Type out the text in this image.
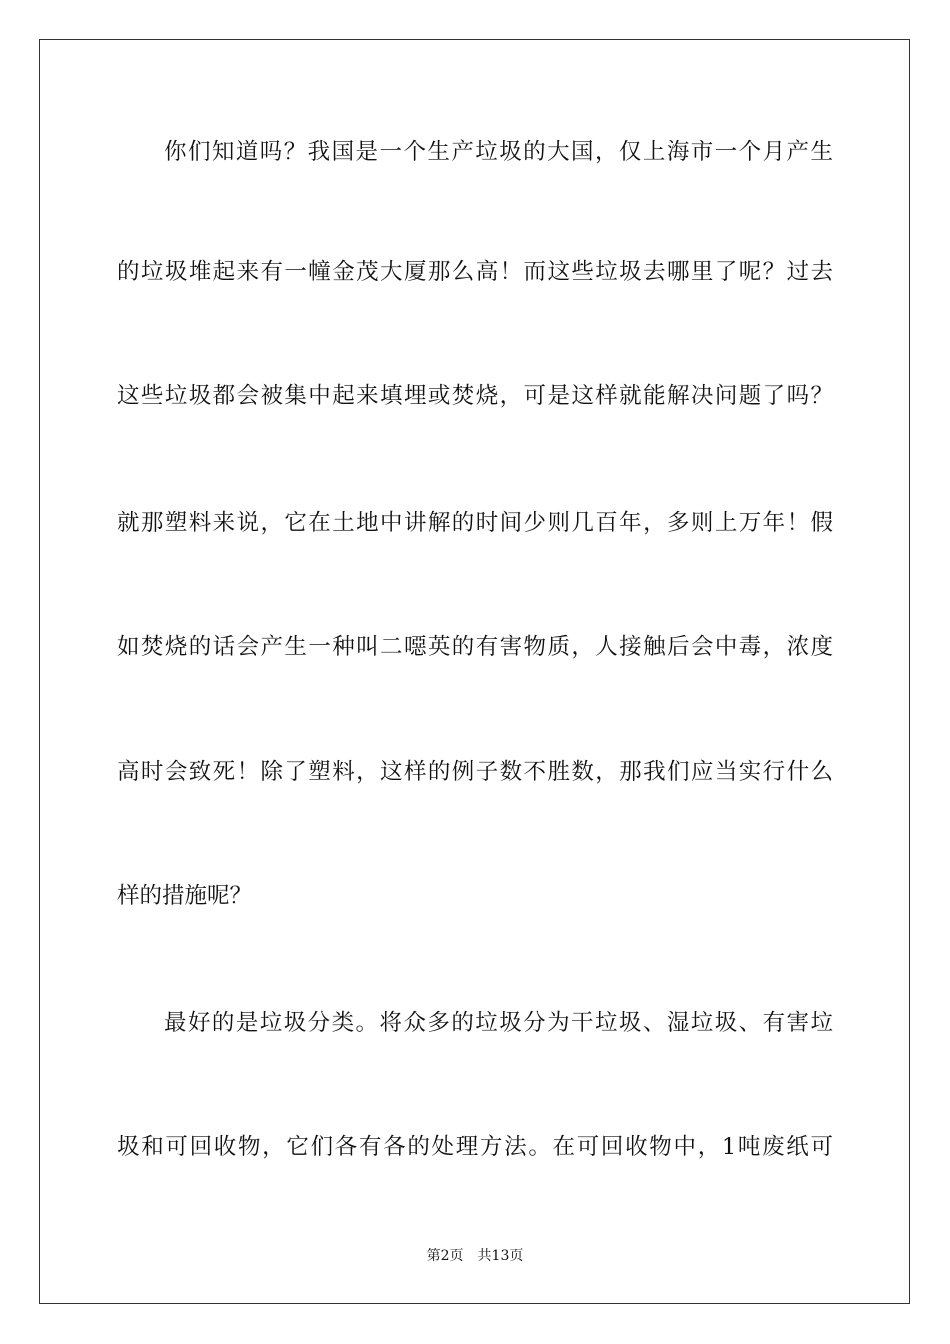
你们知道吗？我国是一个生产垃圾的大国，仅上海市一个月产生
的垃圾堆起来有一幢金茂大厦那么高！而这些垃圾去哪里了呢？过去
这些垃圾都会被集中起来填埋或焚烧，可是这样就能解决问题了吗？
就那塑料来说，它在土地中讲解的时间少则几百年，多则上万年！假
如焚烧的话会产生一种叫二噁英的有害物质，人接触后会中毒，浓度
高时会致死！除了塑料，这样的例子数不胜数，那我们应当实行什么
样的措施呢？
最好的是垃圾分类。将众多的垃圾分为干垃圾、湿垃圾、有害垃
圾和可回收物，它们各有各的处理方法。在可回收物中，1吨废纸可
第2页 共13页
